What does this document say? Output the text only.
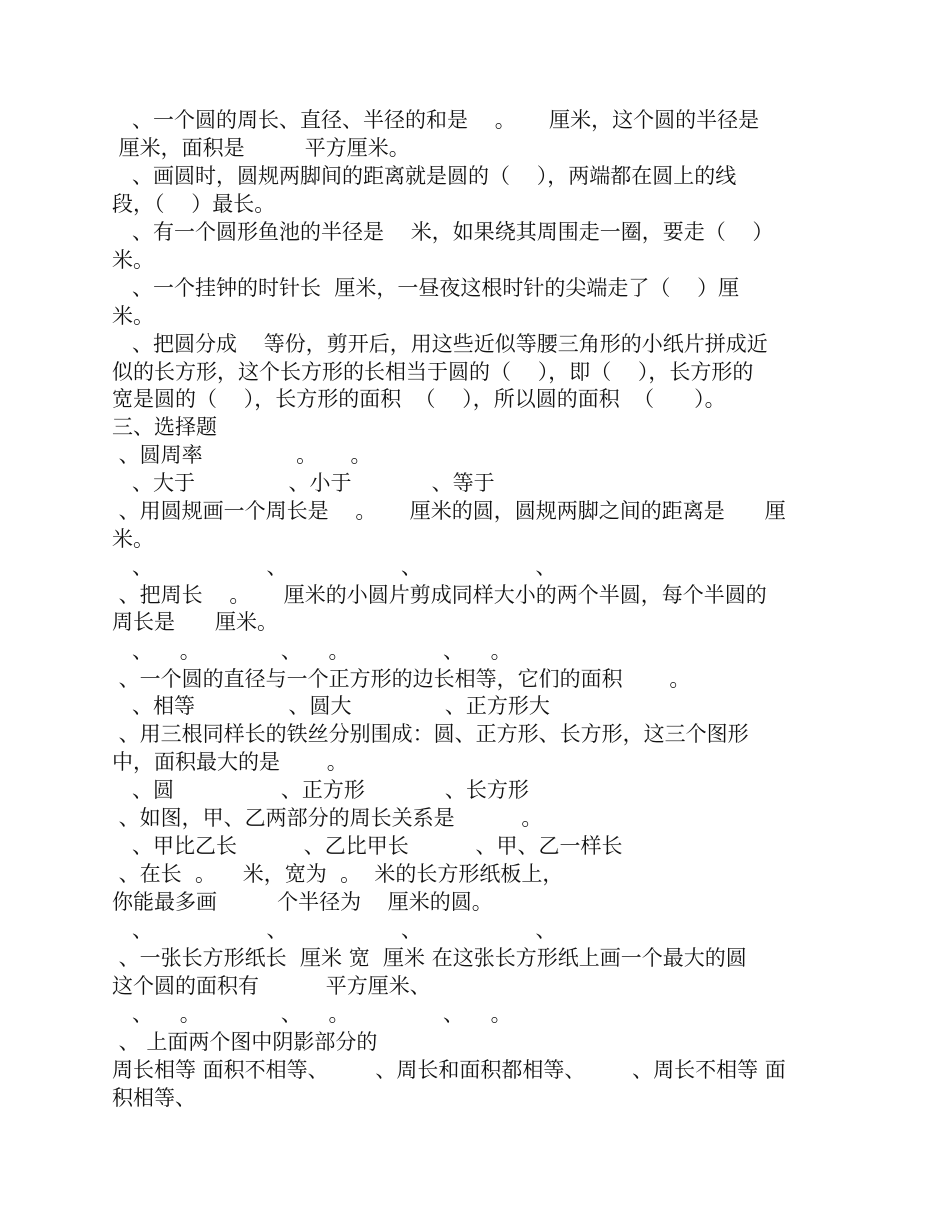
、一个圆的周长、直径、半径的和是    。     厘米，这个圆的半径是
厘米，面积是         平方厘米。
、画圆时，圆规两脚间的距离就是圆的（    ），两端都在圆上的线
段，（    ）最长。
、有一个圆形鱼池的半径是    米，如果绕其周围走一圈，要走（    ）
米。
、一个挂钟的时针长  厘米，一昼夜这根时针的尖端走了（    ）厘
米。
、把圆分成    等份，剪开后，用这些近似等腰三角形的小纸片拼成近
似的长方形，这个长方形的长相当于圆的（    ），即（    ），长方形的
宽是圆的（    ），长方形的面积  （    ），所以圆的面积  （      ）。
三、选择题
、圆周率              。     。
、大于              、小于            、等于
、用圆规画一个周长是    。     厘米的圆，圆规两脚之间的距离是      厘
米。
、                 、                 、                 、
、把周长    。     厘米的小圆片剪成同样大小的两个半圆，每个半圆的
周长是      厘米。
、    。            、    。              、    。
、一个圆的直径与一个正方形的边长相等，它们的面积       。
、相等              、圆大              、正方形大
、用三根同样长的铁丝分别围成：圆、正方形、长方形，这三个图形
中，面积最大的是       。
、圆                、正方形            、长方形
、如图，甲、乙两部分的周长关系是          。
、甲比乙长          、乙比甲长          、甲、乙一样长
、在长  。    米，宽为  。  米的长方形纸板上，
你能最多画         个半径为    厘米的圆。
、                 、                 、                 、
、一张长方形纸长  厘米 宽  厘米 在这张长方形纸上画一个最大的圆
这个圆的面积有          平方厘米、
、    。            、    。              、    。
、 上面两个图中阴影部分的
周长相等 面积不相等、       、周长和面积都相等、       、周长不相等 面
积相等、
